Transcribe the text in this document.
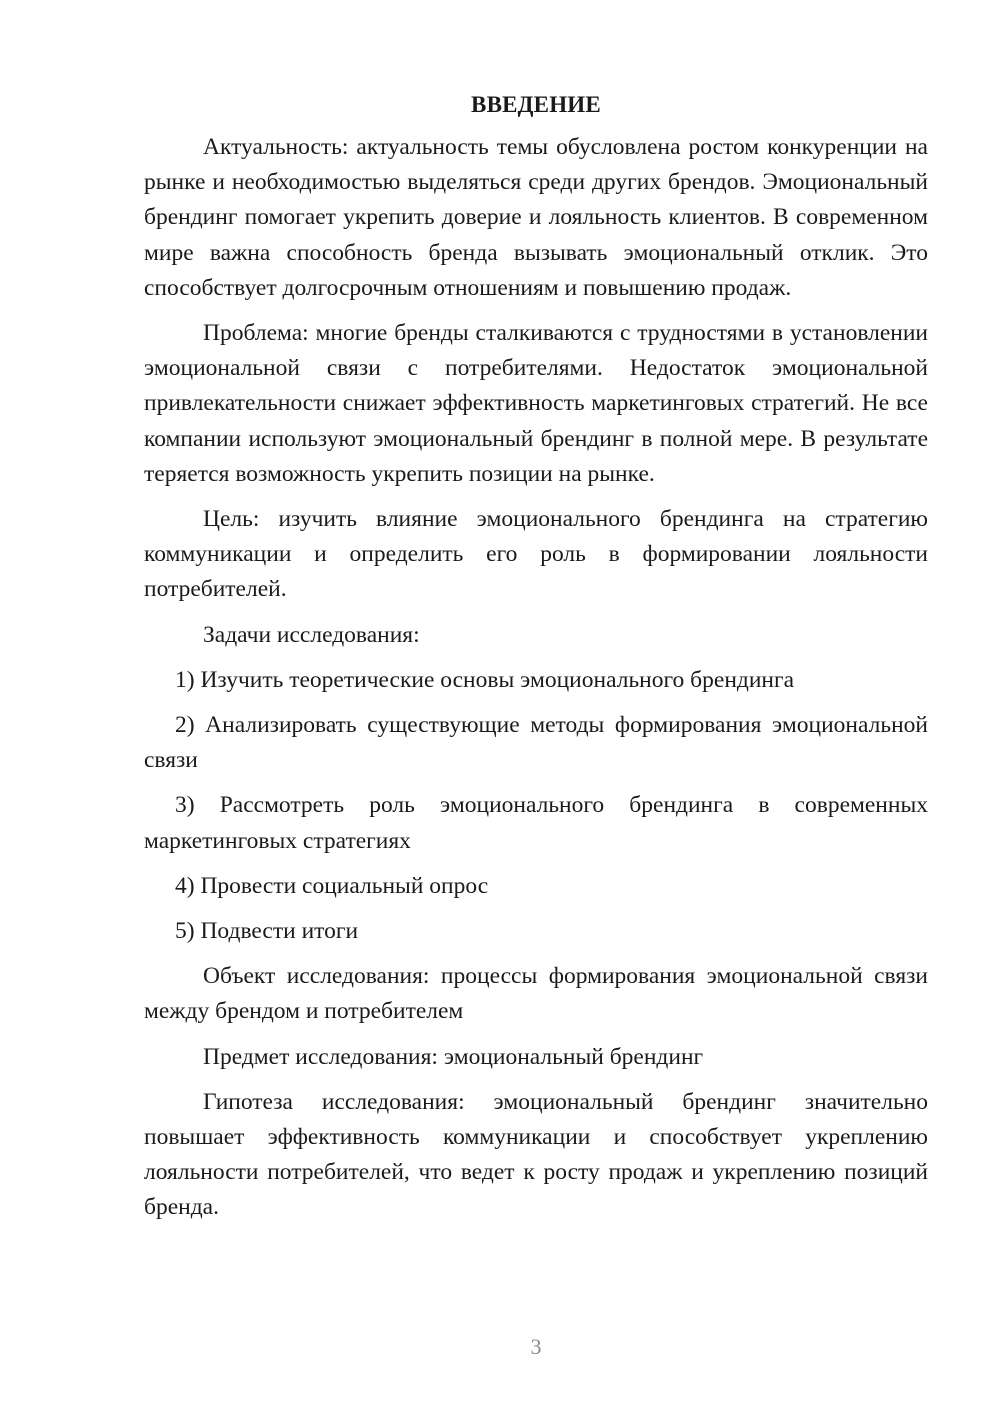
ВВЕДЕНИЕ

Актуальность: актуальность темы обусловлена ростом конкуренции на рынке и необходимостью выделяться среди других брендов. Эмоциональный брендинг помогает укрепить доверие и лояльность клиентов. В современном мире важна способность бренда вызывать эмоциональный отклик. Это способствует долгосрочным отношениям и повышению продаж.

Проблема: многие бренды сталкиваются с трудностями в установлении эмоциональной связи с потребителями. Недостаток эмоциональной привлекательности снижает эффективность маркетинговых стратегий. Не все компании используют эмоциональный брендинг в полной мере. В результате теряется возможность укрепить позиции на рынке.

Цель: изучить влияние эмоционального брендинга на стратегию коммуникации и определить его роль в формировании лояльности потребителей.

Задачи исследования:

1) Изучить теоретические основы эмоционального брендинга

2) Анализировать существующие методы формирования эмоциональной связи

3) Рассмотреть роль эмоционального брендинга в современных маркетинговых стратегиях

4) Провести социальный опрос

5) Подвести итоги

Объект исследования: процессы формирования эмоциональной связи между брендом и потребителем

Предмет исследования: эмоциональный брендинг

Гипотеза исследования: эмоциональный брендинг значительно повышает эффективность коммуникации и способствует укреплению лояльности потребителей, что ведет к росту продаж и укреплению позиций бренда.

3
